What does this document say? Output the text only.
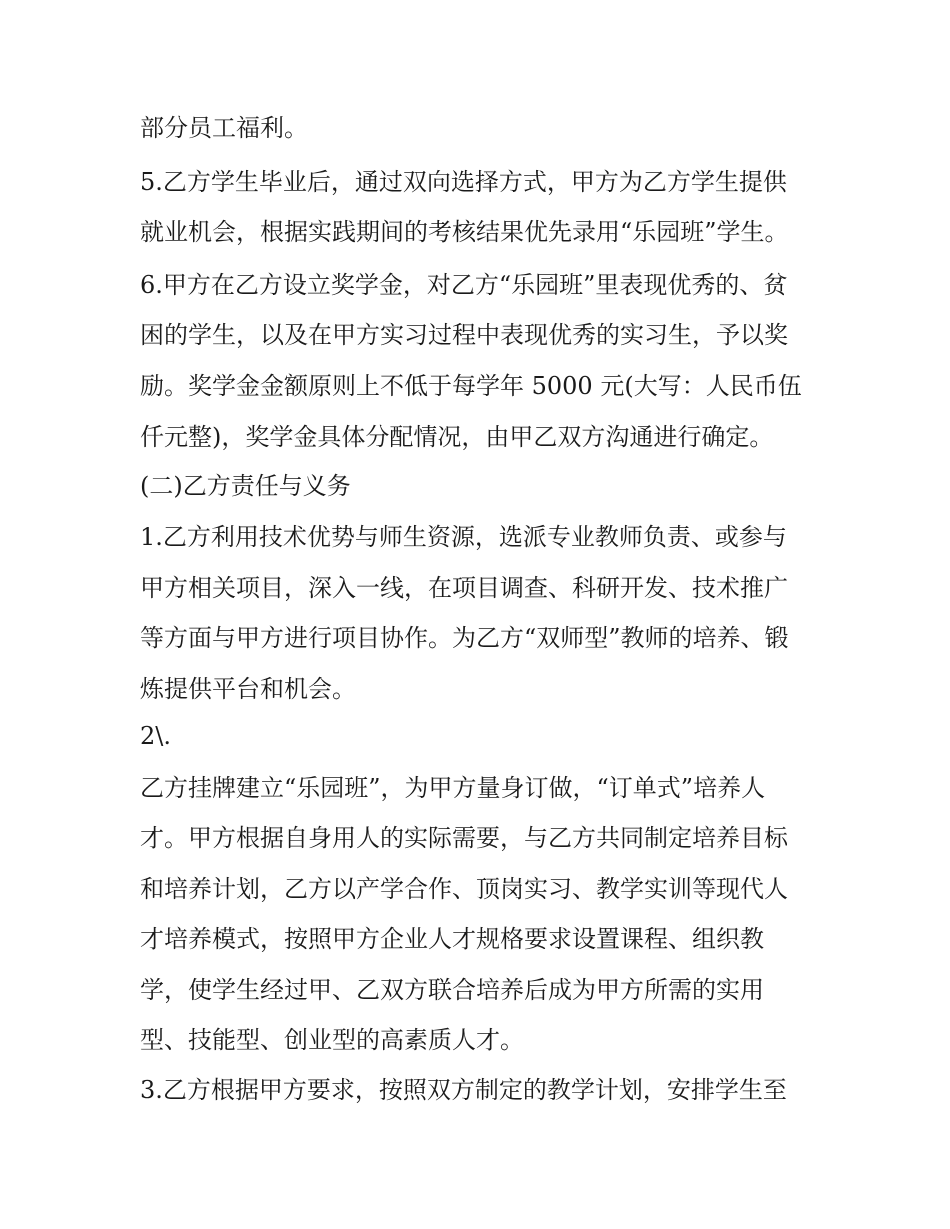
部分员工福利。
5.乙方学生毕业后，通过双向选择方式，甲方为乙方学生提供
就业机会，根据实践期间的考核结果优先录用“乐园班”学生。
6.甲方在乙方设立奖学金，对乙方“乐园班”里表现优秀的、贫
困的学生，以及在甲方实习过程中表现优秀的实习生，予以奖
励。奖学金金额原则上不低于每学年 5000 元(大写：人民币伍
仟元整)，奖学金具体分配情况，由甲乙双方沟通进行确定。
(二)乙方责任与义务
1.乙方利用技术优势与师生资源，选派专业教师负责、或参与
甲方相关项目，深入一线，在项目调查、科研开发、技术推广
等方面与甲方进行项目协作。为乙方“双师型”教师的培养、锻
炼提供平台和机会。
2\.
乙方挂牌建立“乐园班”，为甲方量身订做，“订单式”培养人
才。甲方根据自身用人的实际需要，与乙方共同制定培养目标
和培养计划，乙方以产学合作、顶岗实习、教学实训等现代人
才培养模式，按照甲方企业人才规格要求设置课程、组织教
学，使学生经过甲、乙双方联合培养后成为甲方所需的实用
型、技能型、创业型的高素质人才。
3.乙方根据甲方要求，按照双方制定的教学计划，安排学生至
